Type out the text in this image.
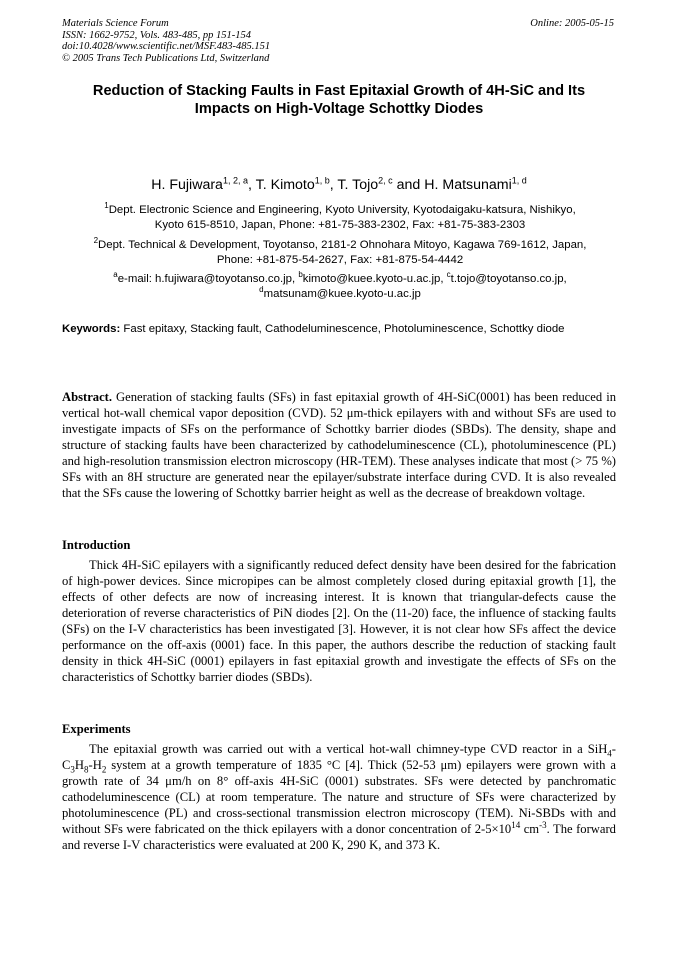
Materials Science Forum
ISSN: 1662-9752, Vols. 483-485, pp 151-154
doi:10.4028/www.scientific.net/MSF.483-485.151
© 2005 Trans Tech Publications Ltd, Switzerland
Online: 2005-05-15
Reduction of Stacking Faults in Fast Epitaxial Growth of 4H-SiC and Its
Impacts on High-Voltage Schottky Diodes
H. Fujiwara$^{1, 2, a}$, T. Kimoto$^{1, b}$, T. Tojo$^{2, c}$ and H. Matsunami$^{1, d}$
$^1$Dept. Electronic Science and Engineering, Kyoto University, Kyotodaigaku-katsura, Nishikyo,
Kyoto 615-8510, Japan, Phone: +81-75-383-2302, Fax: +81-75-383-2303
$^2$Dept. Technical & Development, Toyotanso, 2181-2 Ohnohara Mitoyo, Kagawa 769-1612, Japan,
Phone: +81-875-54-2627, Fax: +81-875-54-4442
$^a$e-mail: h.fujiwara@toyotanso.co.jp, $^b$kimoto@kuee.kyoto-u.ac.jp, $^c$t.tojo@toyotanso.co.jp,
$^d$matsunam@kuee.kyoto-u.ac.jp
Keywords: Fast epitaxy, Stacking fault, Cathodeluminescence, Photoluminescence, Schottky diode
Abstract. Generation of stacking faults (SFs) in fast epitaxial growth of 4H-SiC(0001) has been reduced in vertical hot-wall chemical vapor deposition (CVD). 52 μm-thick epilayers with and without SFs are used to investigate impacts of SFs on the performance of Schottky barrier diodes (SBDs). The density, shape and structure of stacking faults have been characterized by cathodeluminescence (CL), photoluminescence (PL) and high-resolution transmission electron microscopy (HR-TEM). These analyses indicate that most (> 75 %) SFs with an 8H structure are generated near the epilayer/substrate interface during CVD. It is also revealed that the SFs cause the lowering of Schottky barrier height as well as the decrease of breakdown voltage.
Introduction
Thick 4H-SiC epilayers with a significantly reduced defect density have been desired for the fabrication of high-power devices. Since micropipes can be almost completely closed during epitaxial growth [1], the effects of other defects are now of increasing interest. It is known that triangular-defects cause the deterioration of reverse characteristics of PiN diodes [2]. On the (11-20) face, the influence of stacking faults (SFs) on the I-V characteristics has been investigated [3]. However, it is not clear how SFs affect the device performance on the off-axis (0001) face. In this paper, the authors describe the reduction of stacking fault density in thick 4H-SiC (0001) epilayers in fast epitaxial growth and investigate the effects of SFs on the characteristics of Schottky barrier diodes (SBDs).
Experiments
The epitaxial growth was carried out with a vertical hot-wall chimney-type CVD reactor in a $SiH_4-C_3H_8-H_2$ system at a growth temperature of 1835 °C [4]. Thick (52-53 μm) epilayers were grown with a growth rate of 34 μm/h on 8° off-axis 4H-SiC (0001) substrates. SFs were detected by panchromatic cathodeluminescence (CL) at room temperature. The nature and structure of SFs were characterized by photoluminescence (PL) and cross-sectional transmission electron microscopy (TEM). Ni-SBDs with and without SFs were fabricated on the thick epilayers with a donor concentration of $2-5\times 10^{14}$ $cm^{-3}$. The forward and reverse I-V characteristics were evaluated at 200 K, 290 K, and 373 K.
